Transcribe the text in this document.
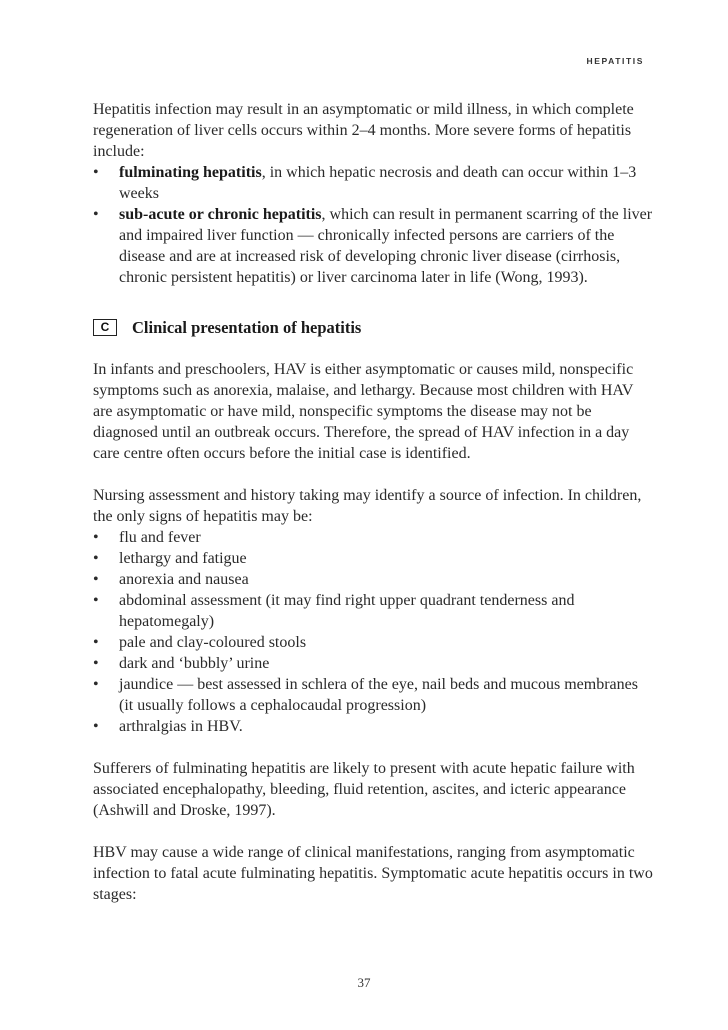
HEPATITIS

Hepatitis infection may result in an asymptomatic or mild illness, in which complete regeneration of liver cells occurs within 2–4 months. More severe forms of hepatitis include:

•	fulminating hepatitis, in which hepatic necrosis and death can occur within 1–3 weeks
•	sub-acute or chronic hepatitis, which can result in permanent scarring of the liver and impaired liver function — chronically infected persons are carriers of the disease and are at increased risk of developing chronic liver disease (cirrhosis, chronic persistent hepatitis) or liver carcinoma later in life (Wong, 1993).
C	Clinical presentation of hepatitis

In infants and preschoolers, HAV is either asymptomatic or causes mild, nonspecific symptoms such as anorexia, malaise, and lethargy. Because most children with HAV are asymptomatic or have mild, nonspecific symptoms the disease may not be diagnosed until an outbreak occurs. Therefore, the spread of HAV infection in a day care centre often occurs before the initial case is identified.

Nursing assessment and history taking may identify a source of infection. In children, the only signs of hepatitis may be:

•	flu and fever
•	lethargy and fatigue
•	anorexia and nausea
•	abdominal assessment (it may find right upper quadrant tenderness and hepatomegaly)
•	pale and clay-coloured stools
•	dark and ‘bubbly’ urine
•	jaundice — best assessed in schlera of the eye, nail beds and mucous membranes (it usually follows a cephalocaudal progression)
•	arthralgias in HBV.

Sufferers of fulminating hepatitis are likely to present with acute hepatic failure with associated encephalopathy, bleeding, fluid retention, ascites, and icteric appearance (Ashwill and Droske, 1997).

HBV may cause a wide range of clinical manifestations, ranging from asymptomatic infection to fatal acute fulminating hepatitis. Symptomatic acute hepatitis occurs in two stages:

37
